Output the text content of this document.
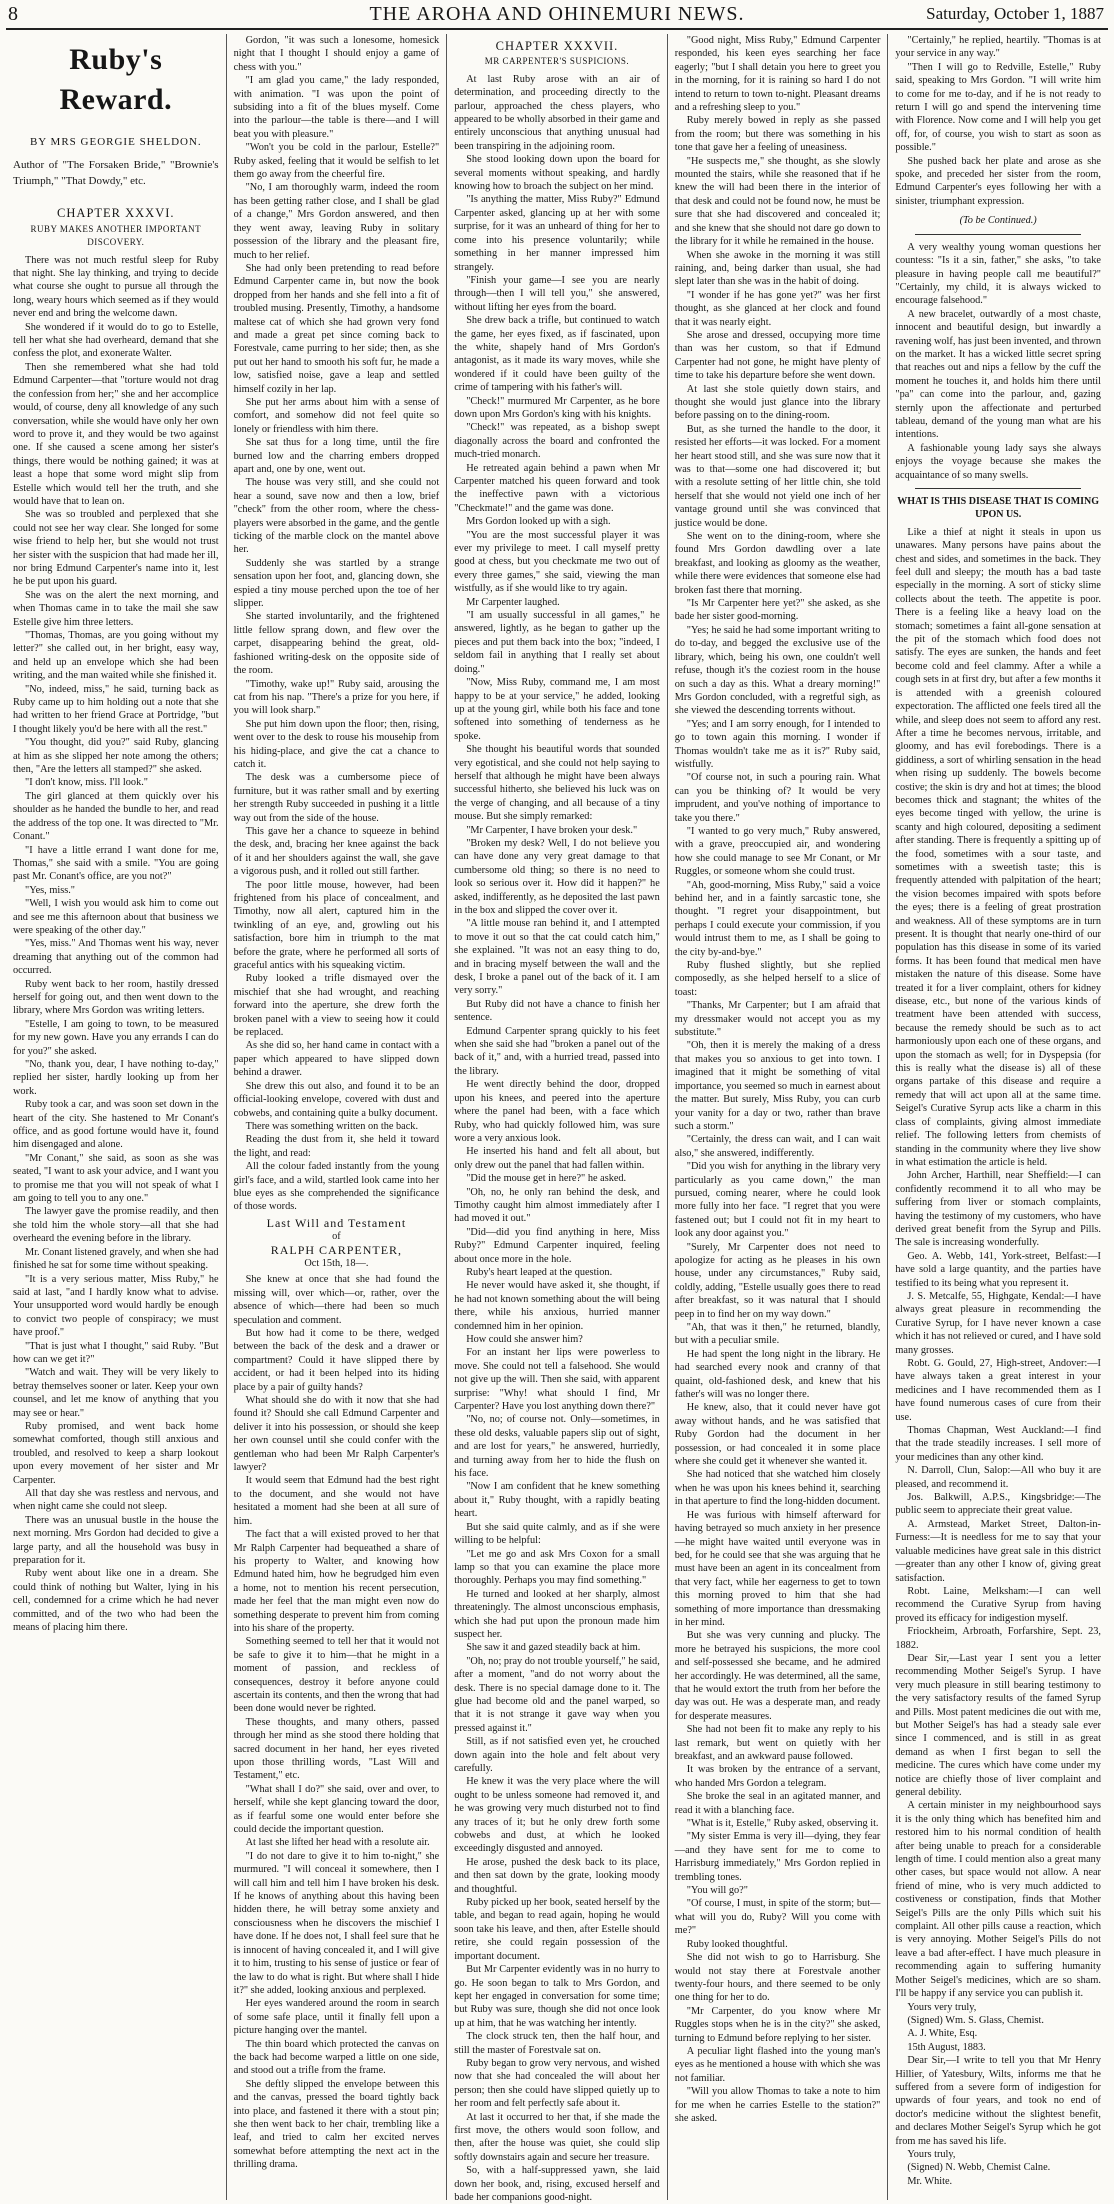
8	THE AROHA AND OHINEMURI NEWS.	Saturday, October 1, 1887
Ruby's Reward.
BY MRS GEORGIE SHELDON.
Author of "The Forsaken Bride," "Brownie's Triumph," "That Dowdy," etc.
CHAPTER XXXVI.
RUBY MAKES ANOTHER IMPORTANT DISCOVERY.

There was not much restful sleep for Ruby that night. She lay thinking, and trying to decide what course she ought to pursue all through the long, weary hours which seemed as if they would never end and bring the welcome dawn.

She wondered if it would do to go to Estelle, tell her what she had overheard, demand that she confess the plot, and exonerate Walter.

Then she remembered what she had told Edmund Carpenter—that "torture would not drag the confession from her;" she and her accomplice would, of course, deny all knowledge of any such conversation, while she would have only her own word to prove it, and they would be two against one. If she caused a scene among her sister's things, there would be nothing gained; it was at least a hope that some word might slip from Estelle which would tell her the truth, and she would have that to lean on.

She was so troubled and perplexed that she could not see her way clear. She longed for some wise friend to help her, but she would not trust her sister with the suspicion that had made her ill, nor bring Edmund Carpenter's name into it, lest he be put upon his guard.

She was on the alert the next morning, and when Thomas came in to take the mail she saw Estelle give him three letters.

"Thomas, Thomas, are you going without my letter?" she called out, in her bright, easy way, and held up an envelope which she had been writing, and the man waited while she finished it.

"No, indeed, miss," he said, turning back as Ruby came up to him holding out a note that she had written to her friend Grace at Portridge, "but I thought likely you'd be here with all the rest."

"You thought, did you?" said Ruby, glancing at him as she slipped her note among the others; then, "Are the letters all stamped?" she asked.

"I don't know, miss. I'll look."

The girl glanced at them quickly over his shoulder as he handed the bundle to her, and read the address of the top one. It was directed to "Mr. Conant."

"I have a little errand I want done for me, Thomas," she said with a smile. "You are going past Mr. Conant's office, are you not?"

"Yes, miss."

"Well, I wish you would ask him to come out and see me this afternoon about that business we were speaking of the other day."

"Yes, miss." And Thomas went his way, never dreaming that anything out of the common had occurred.

Ruby went back to her room, hastily dressed herself for going out, and then went down to the library, where Mrs Gordon was writing letters.

"Estelle, I am going to town, to be measured for my new gown. Have you any errands I can do for you?" she asked.

"No, thank you, dear, I have nothing to-day," replied her sister, hardly looking up from her work.

Ruby took a car, and was soon set down in the heart of the city. She hastened to Mr Conant's office, and as good fortune would have it, found him disengaged and alone.

"Mr Conant," she said, as soon as she was seated, "I want to ask your advice, and I want you to promise me that you will not speak of what I am going to tell you to any one."

The lawyer gave the promise readily, and then she told him the whole story—all that she had overheard the evening before in the library.

Mr. Conant listened gravely, and when she had finished he sat for some time without speaking.

"It is a very serious matter, Miss Ruby," he said at last, "and I hardly know what to advise. Your unsupported word would hardly be enough to convict two people of conspiracy; we must have proof."

"That is just what I thought," said Ruby. "But how can we get it?"

"Watch and wait. They will be very likely to betray themselves sooner or later. Keep your own counsel, and let me know of anything that you may see or hear."

Ruby promised, and went back home somewhat comforted, though still anxious and troubled, and resolved to keep a sharp lookout upon every movement of her sister and Mr Carpenter.

All that day she was restless and nervous, and when night came she could not sleep.

There was an unusual bustle in the house the next morning. Mrs Gordon had decided to give a large party, and all the household was busy in preparation for it.

Ruby went about like one in a dream. She could think of nothing but Walter, lying in his cell, condemned for a crime which he had never committed, and of the two who had been the means of placing him there.

Gordon, "it was such a lonesome, homesick night that I thought I should enjoy a game of chess with you."

"I am glad you came," the lady responded, with animation. "I was upon the point of subsiding into a fit of the blues myself. Come into the parlour—the table is there—and I will beat you with pleasure."

"Won't you be cold in the parlour, Estelle?" Ruby asked, feeling that it would be selfish to let them go away from the cheerful fire.

"No, I am thoroughly warm, indeed the room has been getting rather close, and I shall be glad of a change," Mrs Gordon answered, and then they went away, leaving Ruby in solitary possession of the library and the pleasant fire, much to her relief.

She had only been pretending to read before Edmund Carpenter came in, but now the book dropped from her hands and she fell into a fit of troubled musing. Presently, Timothy, a handsome maltese cat of which she had grown very fond and made a great pet since coming back to Forestvale, came purring to her side; then, as she put out her hand to smooth his soft fur, he made a low, satisfied noise, gave a leap and settled himself cozily in her lap.

She put her arms about him with a sense of comfort, and somehow did not feel quite so lonely or friendless with him there.

She sat thus for a long time, until the fire burned low and the charring embers dropped apart and, one by one, went out.

The house was very still, and she could not hear a sound, save now and then a low, brief "check" from the other room, where the chess-players were absorbed in the game, and the gentle ticking of the marble clock on the mantel above her.

Suddenly she was startled by a strange sensation upon her foot, and, glancing down, she espied a tiny mouse perched upon the toe of her slipper.

She started involuntarily, and the frightened little fellow sprang down, and flew over the carpet, disappearing behind the great, old-fashioned writing-desk on the opposite side of the room.

"Timothy, wake up!" Ruby said, arousing the cat from his nap. "There's a prize for you here, if you will look sharp."

She put him down upon the floor; then, rising, went over to the desk to rouse his mousehip from his hiding-place, and give the cat a chance to catch it.

The desk was a cumbersome piece of furniture, but it was rather small and by exerting her strength Ruby succeeded in pushing it a little way out from the side of the house.

This gave her a chance to squeeze in behind the desk, and, bracing her knee against the back of it and her shoulders against the wall, she gave a vigorous push, and it rolled out still farther.

The poor little mouse, however, had been frightened from his place of concealment, and Timothy, now all alert, captured him in the twinkling of an eye, and, growling out his satisfaction, bore him in triumph to the mat before the grate, where he performed all sorts of graceful antics with his squeaking victim.

Ruby looked a trifle dismayed over the mischief that she had wrought, and reaching forward into the aperture, she drew forth the broken panel with a view to seeing how it could be replaced.

As she did so, her hand came in contact with a paper which appeared to have slipped down behind a drawer.

She drew this out also, and found it to be an official-looking envelope, covered with dust and cobwebs, and containing quite a bulky document.

There was something written on the back.

Reading the dust from it, she held it toward the light, and read:

All the colour faded instantly from the young girl's face, and a wild, startled look came into her blue eyes as she comprehended the significance of those words.

Last Will and Testament
of
RALPH CARPENTER,
Oct 15th, 18—.

She knew at once that she had found the missing will, over which—or, rather, over the absence of which—there had been so much speculation and comment.

But how had it come to be there, wedged between the back of the desk and a drawer or compartment? Could it have slipped there by accident, or had it been helped into its hiding place by a pair of guilty hands?

What should she do with it now that she had found it? Should she call Edmund Carpenter and deliver it into his possession, or should she keep her own counsel until she could confer with the gentleman who had been Mr Ralph Carpenter's lawyer?

It would seem that Edmund had the best right to the document, and she would not have hesitated a moment had she been at all sure of him.

The fact that a will existed proved to her that Mr Ralph Carpenter had bequeathed a share of his property to Walter, and knowing how Edmund hated him, how he begrudged him even a home, not to mention his recent persecution, made her feel that the man might even now do something desperate to prevent him from coming into his share of the property.

Something seemed to tell her that it would not be safe to give it to him—that he might in a moment of passion, and reckless of consequences, destroy it before anyone could ascertain its contents, and then the wrong that had been done would never be righted.

These thoughts, and many others, passed through her mind as she stood there holding that sacred document in her hand, her eyes riveted upon those thrilling words, "Last Will and Testament," etc.

"What shall I do?" she said, over and over, to herself, while she kept glancing toward the door, as if fearful some one would enter before she could decide the important question.

At last she lifted her head with a resolute air.

"I do not dare to give it to him to-night," she murmured. "I will conceal it somewhere, then I will call him and tell him I have broken his desk. If he knows of anything about this having been hidden there, he will betray some anxiety and consciousness when he discovers the mischief I have done. If he does not, I shall feel sure that he is innocent of having concealed it, and I will give it to him, trusting to his sense of justice or fear of the law to do what is right. But where shall I hide it?" she added, looking anxious and perplexed.

Her eyes wandered around the room in search of some safe place, until it finally fell upon a picture hanging over the mantel.

The thin board which protected the canvas on the back had become warped a little on one side, and stood out a trifle from the frame.

She deftly slipped the envelope between this and the canvas, pressed the board tightly back into place, and fastened it there with a stout pin; she then went back to her chair, trembling like a leaf, and tried to calm her excited nerves somewhat before attempting the next act in the thrilling drama.

CHAPTER XXXVII.
MR CARPENTER'S SUSPICIONS.

At last Ruby arose with an air of determination, and proceeding directly to the parlour, approached the chess players, who appeared to be wholly absorbed in their game and entirely unconscious that anything unusual had been transpiring in the adjoining room.

She stood looking down upon the board for several moments without speaking, and hardly knowing how to broach the subject on her mind.

"Is anything the matter, Miss Ruby?" Edmund Carpenter asked, glancing up at her with some surprise, for it was an unheard of thing for her to come into his presence voluntarily; while something in her manner impressed him strangely.

"Finish your game—I see you are nearly through—then I will tell you," she answered, without lifting her eyes from the board.

She drew back a trifle, but continued to watch the game, her eyes fixed, as if fascinated, upon the white, shapely hand of Mrs Gordon's antagonist, as it made its wary moves, while she wondered if it could have been guilty of the crime of tampering with his father's will.

"Check!" murmured Mr Carpenter, as he bore down upon Mrs Gordon's king with his knights.

"Check!" was repeated, as a bishop swept diagonally across the board and confronted the much-tried monarch.

He retreated again behind a pawn when Mr Carpenter matched his queen forward and took the ineffective pawn with a victorious "Checkmate!" and the game was done.

Mrs Gordon looked up with a sigh.

"You are the most successful player it was ever my privilege to meet. I call myself pretty good at chess, but you checkmate me two out of every three games," she said, viewing the man wistfully, as if she would like to try again.

Mr Carpenter laughed.

"I am usually successful in all games," he answered, lightly, as he began to gather up the pieces and put them back into the box; "indeed, I seldom fail in anything that I really set about doing."

"Now, Miss Ruby, command me, I am most happy to be at your service," he added, looking up at the young girl, while both his face and tone softened into something of tenderness as he spoke.

She thought his beautiful words that sounded very egotistical, and she could not help saying to herself that although he might have been always successful hitherto, she believed his luck was on the verge of changing, and all because of a tiny mouse. But she simply remarked:

"Mr Carpenter, I have broken your desk."

"Broken my desk? Well, I do not believe you can have done any very great damage to that cumbersome old thing; so there is no need to look so serious over it. How did it happen?" he asked, indifferently, as he deposited the last pawn in the box and slipped the cover over it.

"A little mouse ran behind it, and I attempted to move it out so that the cat could catch him," she explained. "It was not an easy thing to do, and in bracing myself between the wall and the desk, I broke a panel out of the back of it. I am very sorry."

But Ruby did not have a chance to finish her sentence.

Edmund Carpenter sprang quickly to his feet when she said she had "broken a panel out of the back of it," and, with a hurried tread, passed into the library.

He went directly behind the door, dropped upon his knees, and peered into the aperture where the panel had been, with a face which Ruby, who had quickly followed him, was sure wore a very anxious look.

He inserted his hand and felt all about, but only drew out the panel that had fallen within.

"Did the mouse get in here?" he asked.

"Oh, no, he only ran behind the desk, and Timothy caught him almost immediately after I had moved it out."

"Did—did you find anything in here, Miss Ruby?" Edmund Carpenter inquired, feeling about once more in the hole.

Ruby's heart leaped at the question.

He never would have asked it, she thought, if he had not known something about the will being there, while his anxious, hurried manner condemned him in her opinion.

How could she answer him?

For an instant her lips were powerless to move. She could not tell a falsehood. She would not give up the will. Then she said, with apparent surprise: "Why! what should I find, Mr Carpenter? Have you lost anything down there?"

"No, no; of course not. Only—sometimes, in these old desks, valuable papers slip out of sight, and are lost for years," he answered, hurriedly, and turning away from her to hide the flush on his face.

"Now I am confident that he knew something about it," Ruby thought, with a rapidly beating heart.

But she said quite calmly, and as if she were willing to be helpful:

"Let me go and ask Mrs Coxon for a small lamp so that you can examine the place more thoroughly. Perhaps you may find something."

He turned and looked at her sharply, almost threateningly. The almost unconscious emphasis, which she had put upon the pronoun made him suspect her.

She saw it and gazed steadily back at him.

"Oh, no; pray do not trouble yourself," he said, after a moment, "and do not worry about the desk. There is no special damage done to it. The glue had become old and the panel warped, so that it is not strange it gave way when you pressed against it."

Still, as if not satisfied even yet, he crouched down again into the hole and felt about very carefully.

He knew it was the very place where the will ought to be unless someone had removed it, and he was growing very much disturbed not to find any traces of it; but he only drew forth some cobwebs and dust, at which he looked exceedingly disgusted and annoyed.

He arose, pushed the desk back to its place, and then sat down by the grate, looking moody and thoughtful.

Ruby picked up her book, seated herself by the table, and began to read again, hoping he would soon take his leave, and then, after Estelle should retire, she could regain possession of the important document.

But Mr Carpenter evidently was in no hurry to go. He soon began to talk to Mrs Gordon, and kept her engaged in conversation for some time; but Ruby was sure, though she did not once look up at him, that he was watching her intently.

The clock struck ten, then the half hour, and still the master of Forestvale sat on.

Ruby began to grow very nervous, and wished now that she had concealed the will about her person; then she could have slipped quietly up to her room and felt perfectly safe about it.

At last it occurred to her that, if she made the first move, the others would soon follow, and then, after the house was quiet, she could slip softly downstairs again and secure her treasure.

So, with a half-suppressed yawn, she laid down her book, and, rising, excused herself and bade her companions good-night.

"Good night, Miss Ruby," Edmund Carpenter responded, his keen eyes searching her face eagerly; "but I shall detain you here to greet you in the morning, for it is raining so hard I do not intend to return to town to-night. Pleasant dreams and a refreshing sleep to you."

Ruby merely bowed in reply as she passed from the room; but there was something in his tone that gave her a feeling of uneasiness.

"He suspects me," she thought, as she slowly mounted the stairs, while she reasoned that if he knew the will had been there in the interior of that desk and could not be found now, he must be sure that she had discovered and concealed it; and she knew that she should not dare go down to the library for it while he remained in the house.

When she awoke in the morning it was still raining, and, being darker than usual, she had slept later than she was in the habit of doing.

"I wonder if he has gone yet?" was her first thought, as she glanced at her clock and found that it was nearly eight.

She arose and dressed, occupying more time than was her custom, so that if Edmund Carpenter had not gone, he might have plenty of time to take his departure before she went down.

At last she stole quietly down stairs, and thought she would just glance into the library before passing on to the dining-room.

But, as she turned the handle to the door, it resisted her efforts—it was locked. For a moment her heart stood still, and she was sure now that it was to that—some one had discovered it; but with a resolute setting of her little chin, she told herself that she would not yield one inch of her vantage ground until she was convinced that justice would be done.

She went on to the dining-room, where she found Mrs Gordon dawdling over a late breakfast, and looking as gloomy as the weather, while there were evidences that someone else had broken fast there that morning.

"Is Mr Carpenter here yet?" she asked, as she bade her sister good-morning.

"Yes; he said he had some important writing to do to-day, and begged the exclusive use of the library, which, being his own, one couldn't well refuse, though it's the coziest room in the house on such a day as this. What a dreary morning!" Mrs Gordon concluded, with a regretful sigh, as she viewed the descending torrents without.

"Yes; and I am sorry enough, for I intended to go to town again this morning. I wonder if Thomas wouldn't take me as it is?" Ruby said, wistfully.

"Of course not, in such a pouring rain. What can you be thinking of? It would be very imprudent, and you've nothing of importance to take you there."

"I wanted to go very much," Ruby answered, with a grave, preoccupied air, and wondering how she could manage to see Mr Conant, or Mr Ruggles, or someone whom she could trust.

"Ah, good-morning, Miss Ruby," said a voice behind her, and in a faintly sarcastic tone, she thought. "I regret your disappointment, but perhaps I could execute your commission, if you would intrust them to me, as I shall be going to the city by-and-bye."

Ruby flushed slightly, but she replied composedly, as she helped herself to a slice of toast:

"Thanks, Mr Carpenter; but I am afraid that my dressmaker would not accept you as my substitute."

"Oh, then it is merely the making of a dress that makes you so anxious to get into town. I imagined that it might be something of vital importance, you seemed so much in earnest about the matter. But surely, Miss Ruby, you can curb your vanity for a day or two, rather than brave such a storm."

"Certainly, the dress can wait, and I can wait also," she answered, indifferently.

"Did you wish for anything in the library very particularly as you came down," the man pursued, coming nearer, where he could look more fully into her face. "I regret that you were fastened out; but I could not fit in my heart to look any door against you."

"Surely, Mr Carpenter does not need to apologize for acting as he pleases in his own house, under any circumstances," Ruby said, coldly, adding, "Estelle usually goes there to read after breakfast, so it was natural that I should peep in to find her on my way down."

"Ah, that was it then," he returned, blandly, but with a peculiar smile.

He had spent the long night in the library. He had searched every nook and cranny of that quaint, old-fashioned desk, and knew that his father's will was no longer there.

He knew, also, that it could never have got away without hands, and he was satisfied that Ruby Gordon had the document in her possession, or had concealed it in some place where she could get it whenever she wanted it.

She had noticed that she watched him closely when he was upon his knees behind it, searching in that aperture to find the long-hidden document.

He was furious with himself afterward for having betrayed so much anxiety in her presence—he might have waited until everyone was in bed, for he could see that she was arguing that he must have been an agent in its concealment from that very fact, while her eagerness to get to town this morning proved to him that she had something of more importance than dressmaking in her mind.

But she was very cunning and plucky. The more he betrayed his suspicions, the more cool and self-possessed she became, and he admired her accordingly. He was determined, all the same, that he would extort the truth from her before the day was out. He was a desperate man, and ready for desperate measures.

She had not been fit to make any reply to his last remark, but went on quietly with her breakfast, and an awkward pause followed.

It was broken by the entrance of a servant, who handed Mrs Gordon a telegram.

She broke the seal in an agitated manner, and read it with a blanching face.

"What is it, Estelle," Ruby asked, observing it.

"My sister Emma is very ill—dying, they fear—and they have sent for me to come to Harrisburg immediately," Mrs Gordon replied in trembling tones.

"You will go?"

"Of course, I must, in spite of the storm; but—what will you do, Ruby? Will you come with me?"

Ruby looked thoughtful.

She did not wish to go to Harrisburg. She would not stay there at Forestvale another twenty-four hours, and there seemed to be only one thing for her to do.

"Mr Carpenter, do you know where Mr Ruggles stops when he is in the city?" she asked, turning to Edmund before replying to her sister.

A peculiar light flashed into the young man's eyes as he mentioned a house with which she was not familiar.

"Will you allow Thomas to take a note to him for me when he carries Estelle to the station?" she asked.

"Certainly," he replied, heartily. "Thomas is at your service in any way."

"Then I will go to Redville, Estelle," Ruby said, speaking to Mrs Gordon. "I will write him to come for me to-day, and if he is not ready to return I will go and spend the intervening time with Florence. Now come and I will help you get off, for, of course, you wish to start as soon as possible."

She pushed back her plate and arose as she spoke, and preceded her sister from the room, Edmund Carpenter's eyes following her with a sinister, triumphant expression.

(To be Continued.)

A very wealthy young woman questions her countess: "Is it a sin, father," she asks, "to take pleasure in having people call me beautiful?" "Certainly, my child, it is always wicked to encourage falsehood."

A new bracelet, outwardly of a most chaste, innocent and beautiful design, but inwardly a ravening wolf, has just been invented, and thrown on the market. It has a wicked little secret spring that reaches out and nips a fellow by the cuff the moment he touches it, and holds him there until "pa" can come into the parlour, and, gazing sternly upon the affectionate and perturbed tableau, demand of the young man what are his intentions.

A fashionable young lady says she always enjoys the voyage because she makes the acquaintance of so many swells.

WHAT IS THIS DISEASE THAT IS COMING UPON US.

Like a thief at night it steals in upon us unawares. Many persons have pains about the chest and sides, and sometimes in the back. They feel dull and sleepy; the mouth has a bad taste especially in the morning. A sort of sticky slime collects about the teeth. The appetite is poor. There is a feeling like a heavy load on the stomach; sometimes a faint all-gone sensation at the pit of the stomach which food does not satisfy. The eyes are sunken, the hands and feet become cold and feel clammy. After a while a cough sets in at first dry, but after a few months it is attended with a greenish coloured expectoration. The afflicted one feels tired all the while, and sleep does not seem to afford any rest. After a time he becomes nervous, irritable, and gloomy, and has evil forebodings. There is a giddiness, a sort of whirling sensation in the head when rising up suddenly. The bowels become costive; the skin is dry and hot at times; the blood becomes thick and stagnant; the whites of the eyes become tinged with yellow, the urine is scanty and high coloured, depositing a sediment after standing. There is frequently a spitting up of the food, sometimes with a sour taste, and sometimes with a sweetish taste; this is frequently attended with palpitation of the heart; the vision becomes impaired with spots before the eyes; there is a feeling of great prostration and weakness. All of these symptoms are in turn present. It is thought that nearly one-third of our population has this disease in some of its varied forms. It has been found that medical men have mistaken the nature of this disease. Some have treated it for a liver complaint, others for kidney disease, etc., but none of the various kinds of treatment have been attended with success, because the remedy should be such as to act harmoniously upon each one of these organs, and upon the stomach as well; for in Dyspepsia (for this is really what the disease is) all of these organs partake of this disease and require a remedy that will act upon all at the same time. Seigel's Curative Syrup acts like a charm in this class of complaints, giving almost immediate relief. The following letters from chemists of standing in the community where they live show in what estimation the article is held.

John Archer, Harthill, near Sheffield:—I can confidently recommend it to all who may be suffering from liver or stomach complaints, having the testimony of my customers, who have derived great benefit from the Syrup and Pills. The sale is increasing wonderfully.

Geo. A. Webb, 141, York-street, Belfast:—I have sold a large quantity, and the parties have testified to its being what you represent it.

J. S. Metcalfe, 55, Highgate, Kendal:—I have always great pleasure in recommending the Curative Syrup, for I have never known a case which it has not relieved or cured, and I have sold many grosses.

Robt. G. Gould, 27, High-street, Andover:—I have always taken a great interest in your medicines and I have recommended them as I have found numerous cases of cure from their use.

Thomas Chapman, West Auckland:—I find that the trade steadily increases. I sell more of your medicines than any other kind.

N. Darroll, Clun, Salop:—All who buy it are pleased, and recommend it.

Jos. Balkwill, A.P.S., Kingsbridge:—The public seem to appreciate their great value.

A. Armstead, Market Street, Dalton-in-Furness:—It is needless for me to say that your valuable medicines have great sale in this district—greater than any other I know of, giving great satisfaction.

Robt. Laine, Melksham:—I can well recommend the Curative Syrup from having proved its efficacy for indigestion myself.

Friockheim, Arbroath, Forfarshire, Sept. 23, 1882.

Dear Sir,—Last year I sent you a letter recommending Mother Seigel's Syrup. I have very much pleasure in still bearing testimony to the very satisfactory results of the famed Syrup and Pills. Most patent medicines die out with me, but Mother Seigel's has had a steady sale ever since I commenced, and is still in as great demand as when I first began to sell the medicine. The cures which have come under my notice are chiefly those of liver complaint and general debility.

A certain minister in my neighbourhood says it is the only thing which has benefited him and restored him to his normal condition of health after being unable to preach for a considerable length of time. I could mention also a great many other cases, but space would not allow. A near friend of mine, who is very much addicted to costiveness or constipation, finds that Mother Seigel's Pills are the only Pills which suit his complaint. All other pills cause a reaction, which is very annoying. Mother Seigel's Pills do not leave a bad after-effect. I have much pleasure in recommending again to suffering humanity Mother Seigel's medicines, which are so sham. I'll be happy if any service you can publish it.

Yours very truly,

(Signed) Wm. S. Glass, Chemist.

A. J. White, Esq.

15th August, 1883.

Dear Sir,—I write to tell you that Mr Henry Hillier, of Yatesbury, Wilts, informs me that he suffered from a severe form of indigestion for upwards of four years, and took no end of doctor's medicine without the slightest benefit, and declares Mother Seigel's Syrup which he got from me has saved his life.

Yours truly,

(Signed) N. Webb, Chemist Calne.

Mr. White.
